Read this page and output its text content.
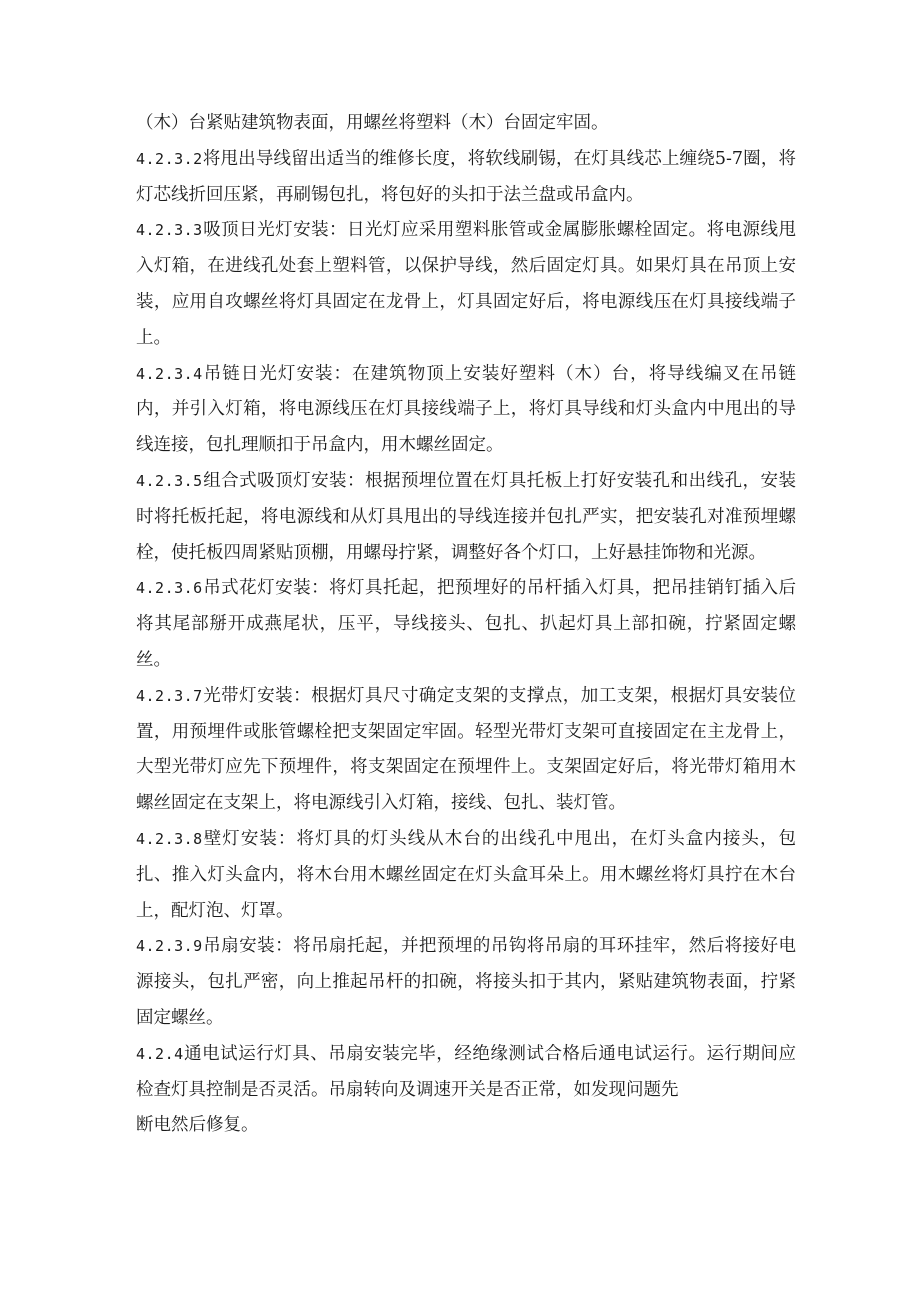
（木）台紧贴建筑物表面，用螺丝将塑料（木）台固定牢固。

4.2.3.2将甩出导线留出适当的维修长度，将软线刷锡，在灯具线芯上缠绕5-7圈，将灯芯线折回压紧，再刷锡包扎，将包好的头扣于法兰盘或吊盒内。

4.2.3.3吸顶日光灯安装：日光灯应采用塑料胀管或金属膨胀螺栓固定。将电源线甩入灯箱，在进线孔处套上塑料管，以保护导线，然后固定灯具。如果灯具在吊顶上安装，应用自攻螺丝将灯具固定在龙骨上，灯具固定好后，将电源线压在灯具接线端子上。

4.2.3.4吊链日光灯安装：在建筑物顶上安装好塑料（木）台，将导线编叉在吊链内，并引入灯箱，将电源线压在灯具接线端子上，将灯具导线和灯头盒内中甩出的导线连接，包扎理顺扣于吊盒内，用木螺丝固定。

4.2.3.5组合式吸顶灯安装：根据预埋位置在灯具托板上打好安装孔和出线孔，安装时将托板托起，将电源线和从灯具甩出的导线连接并包扎严实，把安装孔对准预埋螺栓，使托板四周紧贴顶棚，用螺母拧紧，调整好各个灯口，上好悬挂饰物和光源。

4.2.3.6吊式花灯安装：将灯具托起，把预埋好的吊杆插入灯具，把吊挂销钉插入后将其尾部掰开成燕尾状，压平，导线接头、包扎、扒起灯具上部扣碗，拧紧固定螺丝。

4.2.3.7光带灯安装：根据灯具尺寸确定支架的支撑点，加工支架，根据灯具安装位置，用预埋件或胀管螺栓把支架固定牢固。轻型光带灯支架可直接固定在主龙骨上，大型光带灯应先下预埋件，将支架固定在预埋件上。支架固定好后，将光带灯箱用木螺丝固定在支架上，将电源线引入灯箱，接线、包扎、装灯管。

4.2.3.8壁灯安装：将灯具的灯头线从木台的出线孔中甩出，在灯头盒内接头，包扎、推入灯头盒内，将木台用木螺丝固定在灯头盒耳朵上。用木螺丝将灯具拧在木台上，配灯泡、灯罩。

4.2.3.9吊扇安装：将吊扇托起，并把预埋的吊钩将吊扇的耳环挂牢，然后将接好电源接头，包扎严密，向上推起吊杆的扣碗，将接头扣于其内，紧贴建筑物表面，拧紧固定螺丝。

4.2.4通电试运行灯具、吊扇安装完毕，经绝缘测试合格后通电试运行。运行期间应检查灯具控制是否灵活。吊扇转向及调速开关是否正常，如发现问题先
断电然后修复。
